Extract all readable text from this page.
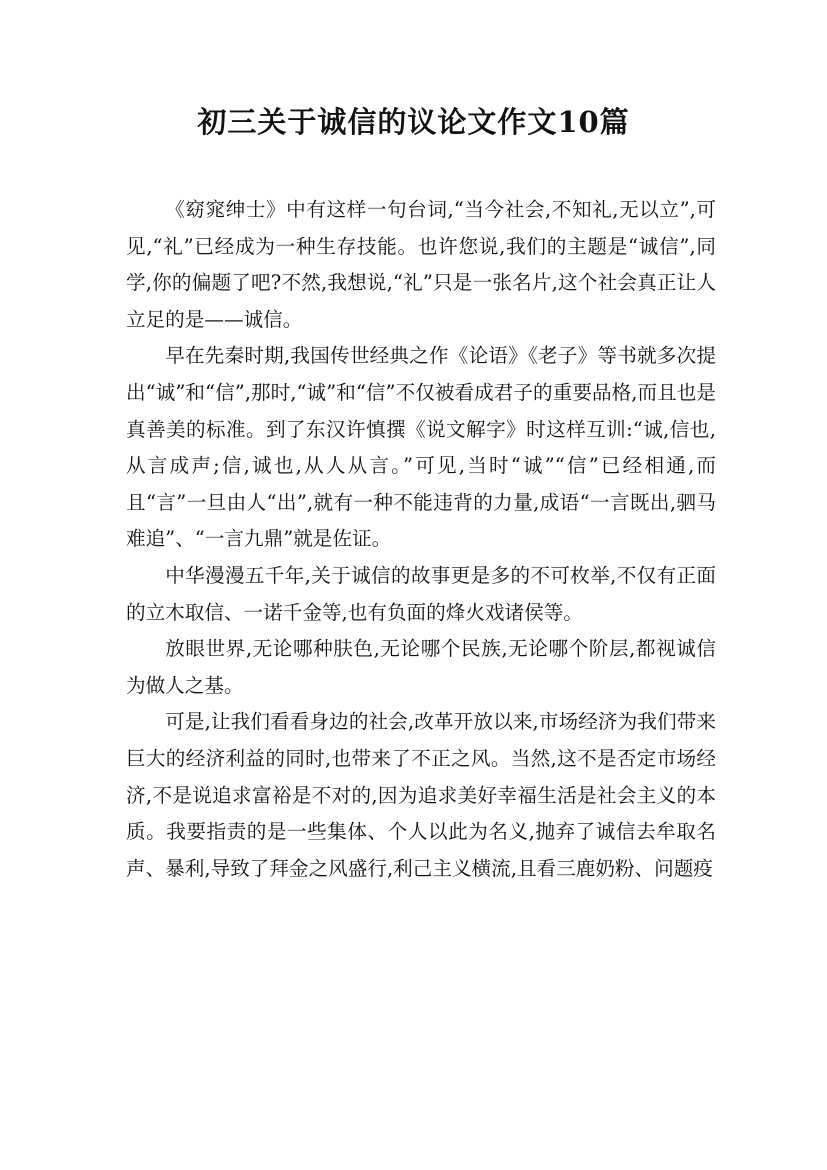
初三关于诚信的议论文作文10篇

《窈窕绅士》中有这样一句台词,“当今社会,不知礼,无以立”,可见,“礼”已经成为一种生存技能。也许您说,我们的主题是“诚信”,同学,你的偏题了吧?不然,我想说,“礼”只是一张名片,这个社会真正让人立足的是——诚信。

早在先秦时期,我国传世经典之作《论语》《老子》等书就多次提出“诚”和“信”,那时,“诚”和“信”不仅被看成君子的重要品格,而且也是真善美的标准。到了东汉许慎撰《说文解字》时这样互训:“诚,信也,从言成声;信,诚也,从人从言。”可见,当时“诚”“信”已经相通,而且“言”一旦由人“出”,就有一种不能违背的力量,成语“一言既出,驷马难追”、“一言九鼎”就是佐证。

中华漫漫五千年,关于诚信的故事更是多的不可枚举,不仅有正面的立木取信、一诺千金等,也有负面的烽火戏诸侯等。

放眼世界,无论哪种肤色,无论哪个民族,无论哪个阶层,都视诚信为做人之基。

可是,让我们看看身边的社会,改革开放以来,市场经济为我们带来巨大的经济利益的同时,也带来了不正之风。当然,这不是否定市场经济,不是说追求富裕是不对的,因为追求美好幸福生活是社会主义的本质。我要指责的是一些集体、个人以此为名义,抛弃了诚信去牟取名声、暴利,导致了拜金之风盛行,利己主义横流,且看三鹿奶粉、问题疫
